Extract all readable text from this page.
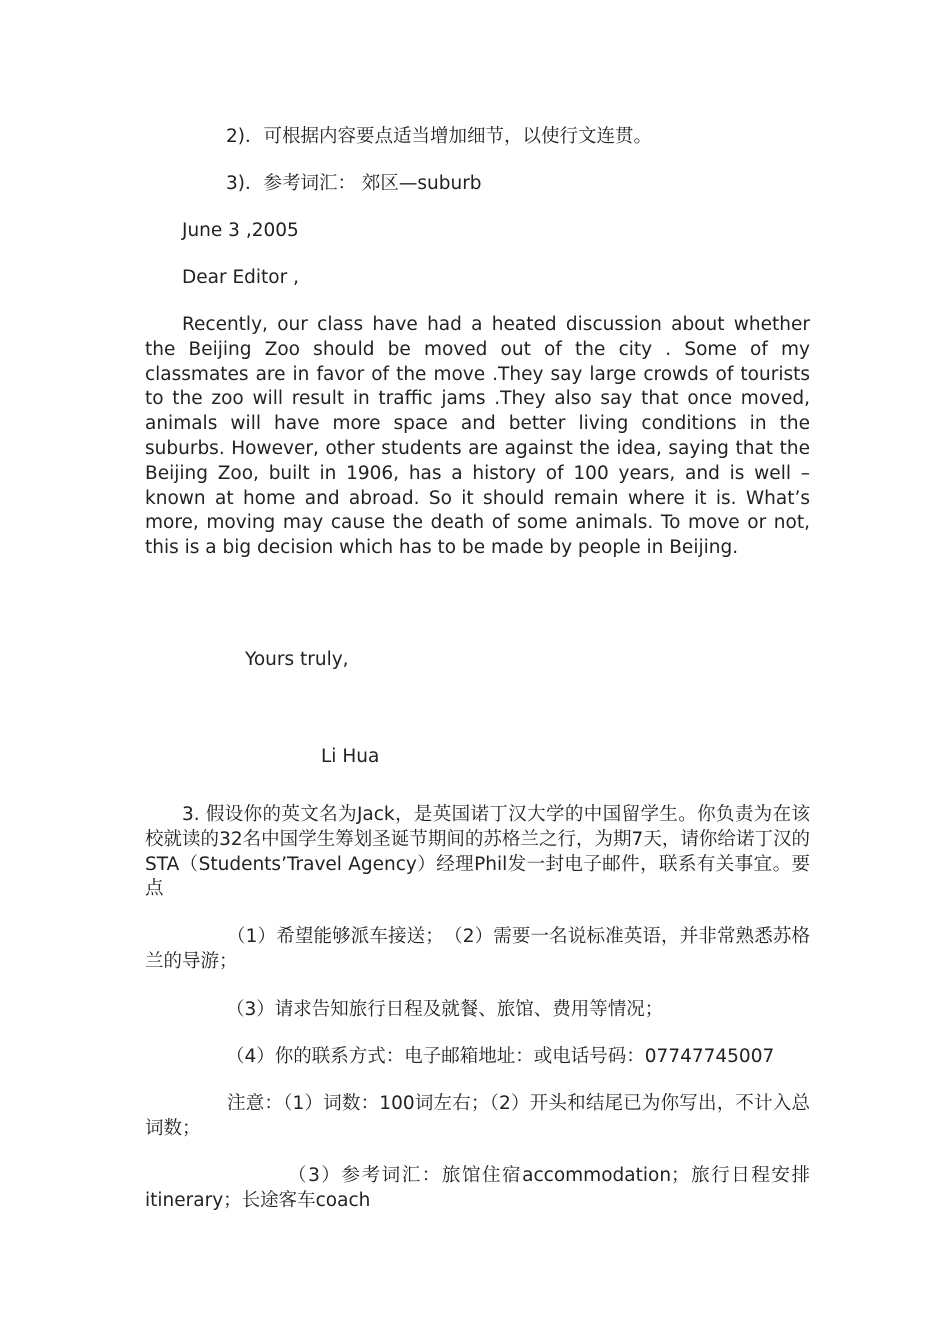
2)．可根据内容要点适当增加细节，以使行文连贯。
3)．参考词汇： 郊区—suburb
June 3 ,2005
Dear Editor ,
Recently, our class have had a heated discussion about whether the Beijing Zoo should be moved out of the city . Some of my classmates are in favor of the move .They say large crowds of tourists to the zoo will result in traffic jams .They also say that once moved, animals will have more space and better living conditions in the suburbs. However, other students are against the idea, saying that the Beijing Zoo, built in 1906, has a history of 100 years, and is well –known at home and abroad. So it should remain where it is. What’s more, moving may cause the death of some animals. To move or not, this is a big decision which has to be made by people in Beijing.
Yours truly,
Li Hua
3. 假设你的英文名为Jack，是英国诺丁汉大学的中国留学生。你负责为在该校就读的32名中国学生筹划圣诞节期间的苏格兰之行，为期7天，请你给诺丁汉的STA（Students’Travel Agency）经理Phil发一封电子邮件，联系有关事宜。要点
（1）希望能够派车接送；　（2）需要一名说标准英语，并非常熟悉苏格兰的导游；
（3）请求告知旅行日程及就餐、旅馆、费用等情况；
（4）你的联系方式：电子邮箱地址：或电话号码：07747745007
注意：（1）词数：100词左右；（2）开头和结尾已为你写出，不计入总词数；
（3）参考词汇：旅馆住宿accommodation；旅行日程安排itinerary；长途客车coach
